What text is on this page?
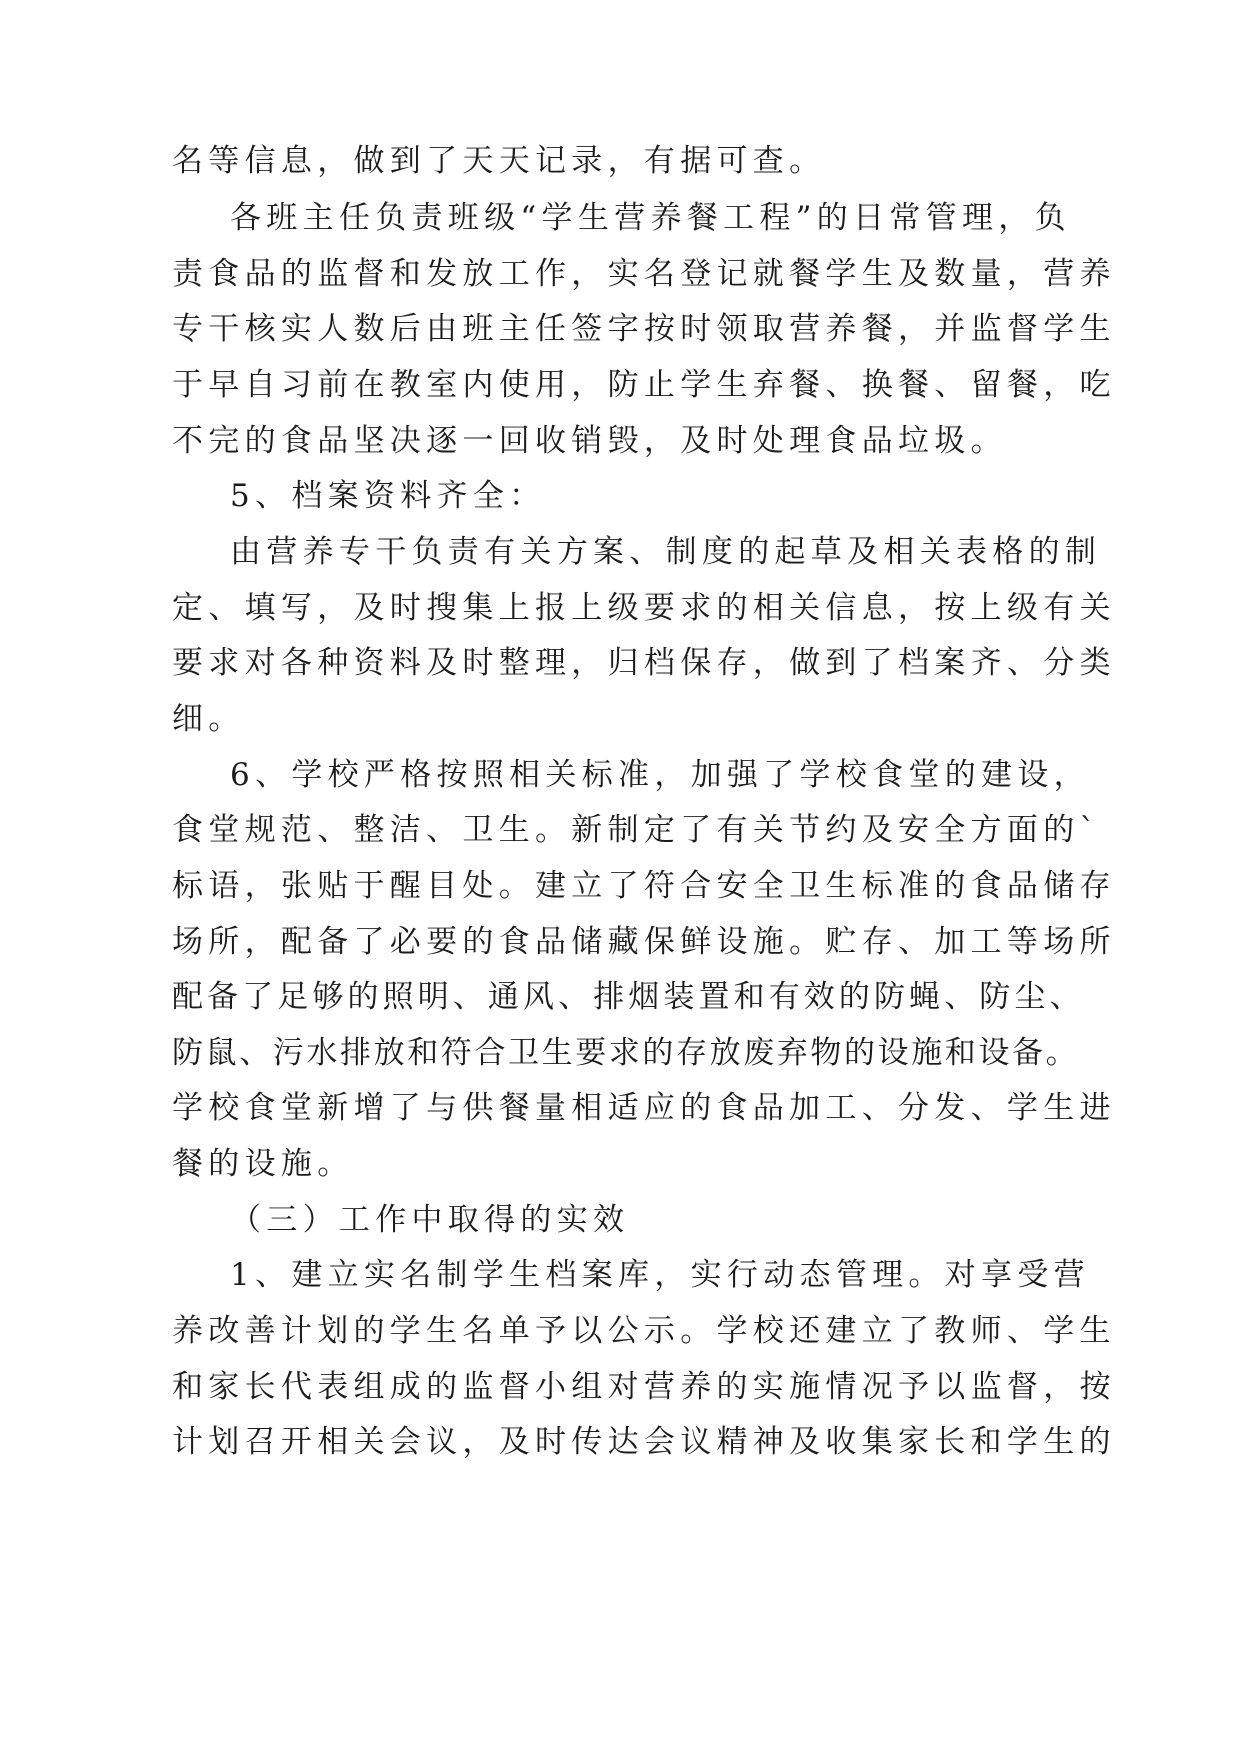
名等信息，做到了天天记录，有据可查。
各班主任负责班级“学生营养餐工程”的日常管理，负
责食品的监督和发放工作，实名登记就餐学生及数量，营养
专干核实人数后由班主任签字按时领取营养餐，并监督学生
于早自习前在教室内使用，防止学生弃餐、换餐、留餐，吃
不完的食品坚决逐一回收销毁，及时处理食品垃圾。
5、档案资料齐全：
由营养专干负责有关方案、制度的起草及相关表格的制
定、填写，及时搜集上报上级要求的相关信息，按上级有关
要求对各种资料及时整理，归档保存，做到了档案齐、分类
细。
6、学校严格按照相关标准，加强了学校食堂的建设，
食堂规范、整洁、卫生。新制定了有关节约及安全方面的`
标语，张贴于醒目处。建立了符合安全卫生标准的食品储存
场所，配备了必要的食品储藏保鲜设施。贮存、加工等场所
配备了足够的照明、通风、排烟装置和有效的防蝇、防尘、
防鼠、污水排放和符合卫生要求的存放废弃物的设施和设备。
学校食堂新增了与供餐量相适应的食品加工、分发、学生进
餐的设施。
（三）工作中取得的实效
1、建立实名制学生档案库，实行动态管理。对享受营
养改善计划的学生名单予以公示。学校还建立了教师、学生
和家长代表组成的监督小组对营养的实施情况予以监督，按
计划召开相关会议，及时传达会议精神及收集家长和学生的
